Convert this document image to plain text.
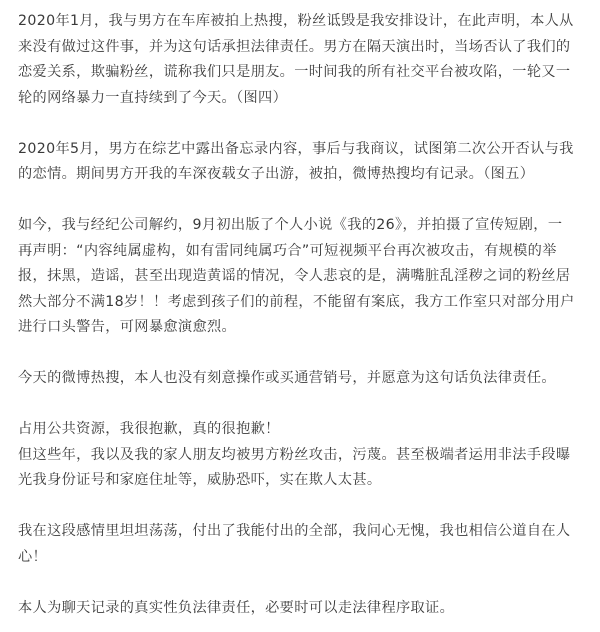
2020年1月，我与男方在车库被拍上热搜，粉丝诋毁是我安排设计，在此声明，本人从
来没有做过这件事，并为这句话承担法律责任。男方在隔天演出时，当场否认了我们的
恋爱关系，欺骗粉丝，谎称我们只是朋友。一时间我的所有社交平台被攻陷，一轮又一
轮的网络暴力一直持续到了今天。（图四）

2020年5月，男方在综艺中露出备忘录内容，事后与我商议，试图第二次公开否认与我
的恋情。期间男方开我的车深夜载女子出游，被拍，微博热搜均有记录。（图五）

如今，我与经纪公司解约，9月初出版了个人小说《我的26》，并拍摄了宣传短剧，一
再声明：“内容纯属虚构，如有雷同纯属巧合”可短视频平台再次被攻击，有规模的举
报，抹黑，造谣，甚至出现造黄谣的情况，令人悲哀的是，满嘴脏乱淫秽之词的粉丝居
然大部分不满18岁！！考虑到孩子们的前程，不能留有案底，我方工作室只对部分用户
进行口头警告，可网暴愈演愈烈。

今天的微博热搜，本人也没有刻意操作或买通营销号，并愿意为这句话负法律责任。

占用公共资源，我很抱歉，真的很抱歉！
但这些年，我以及我的家人朋友均被男方粉丝攻击，污蔑。甚至极端者运用非法手段曝
光我身份证号和家庭住址等，威胁恐吓，实在欺人太甚。

我在这段感情里坦坦荡荡，付出了我能付出的全部，我问心无愧，我也相信公道自在人
心！

本人为聊天记录的真实性负法律责任，必要时可以走法律程序取证。
